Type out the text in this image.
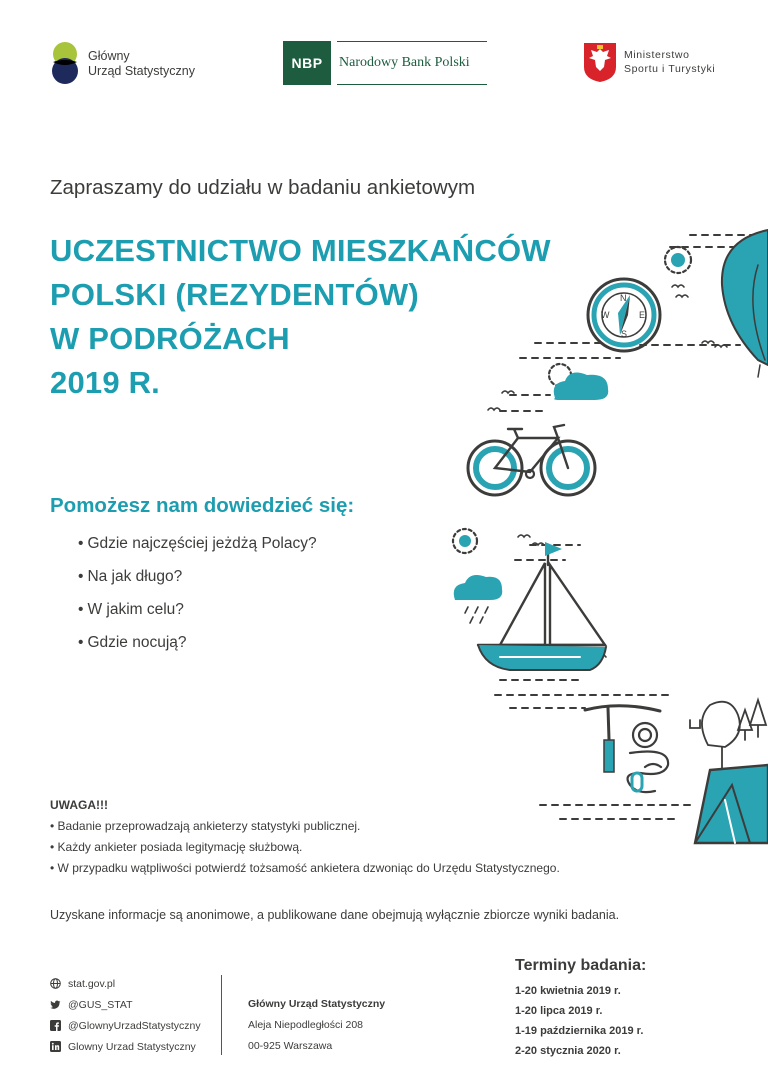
Główny
Urząd Statystyczny	NBP	Narodowy Bank Polski	Ministerstwo
Sportu i Turystyki
Zapraszamy do udziału w badaniu ankietowym
UCZESTNICTWO MIESZKAŃCÓW
POLSKI (REZYDENTÓW)
W PODRÓŻACH
2019 R.
N
S
E
W
Pomożesz nam dowiedzieć się:
• Gdzie najczęściej jeżdżą Polacy?
• Na jak długo?
• W jakim celu?
• Gdzie nocują?
UWAGA!!!
• Badanie przeprowadzają ankieterzy statystyki publicznej.
• Każdy ankieter posiada legitymację służbową.
• W przypadku wątpliwości potwierdź tożsamość ankietera dzwoniąc do Urzędu Statystycznego.
Uzyskane informacje są anonimowe, a publikowane dane obejmują wyłącznie zbiorcze wyniki badania.
stat.gov.pl
@GUS_STAT
@GlownyUrzadStatystyczny
Glowny Urzad Statystyczny
Główny Urząd Statystyczny
Aleja Niepodległości 208
00-925 Warszawa
Terminy badania:
1-20 kwietnia 2019 r.
1-20 lipca 2019 r.
1-19 października 2019 r.
2-20 stycznia 2020 r.
